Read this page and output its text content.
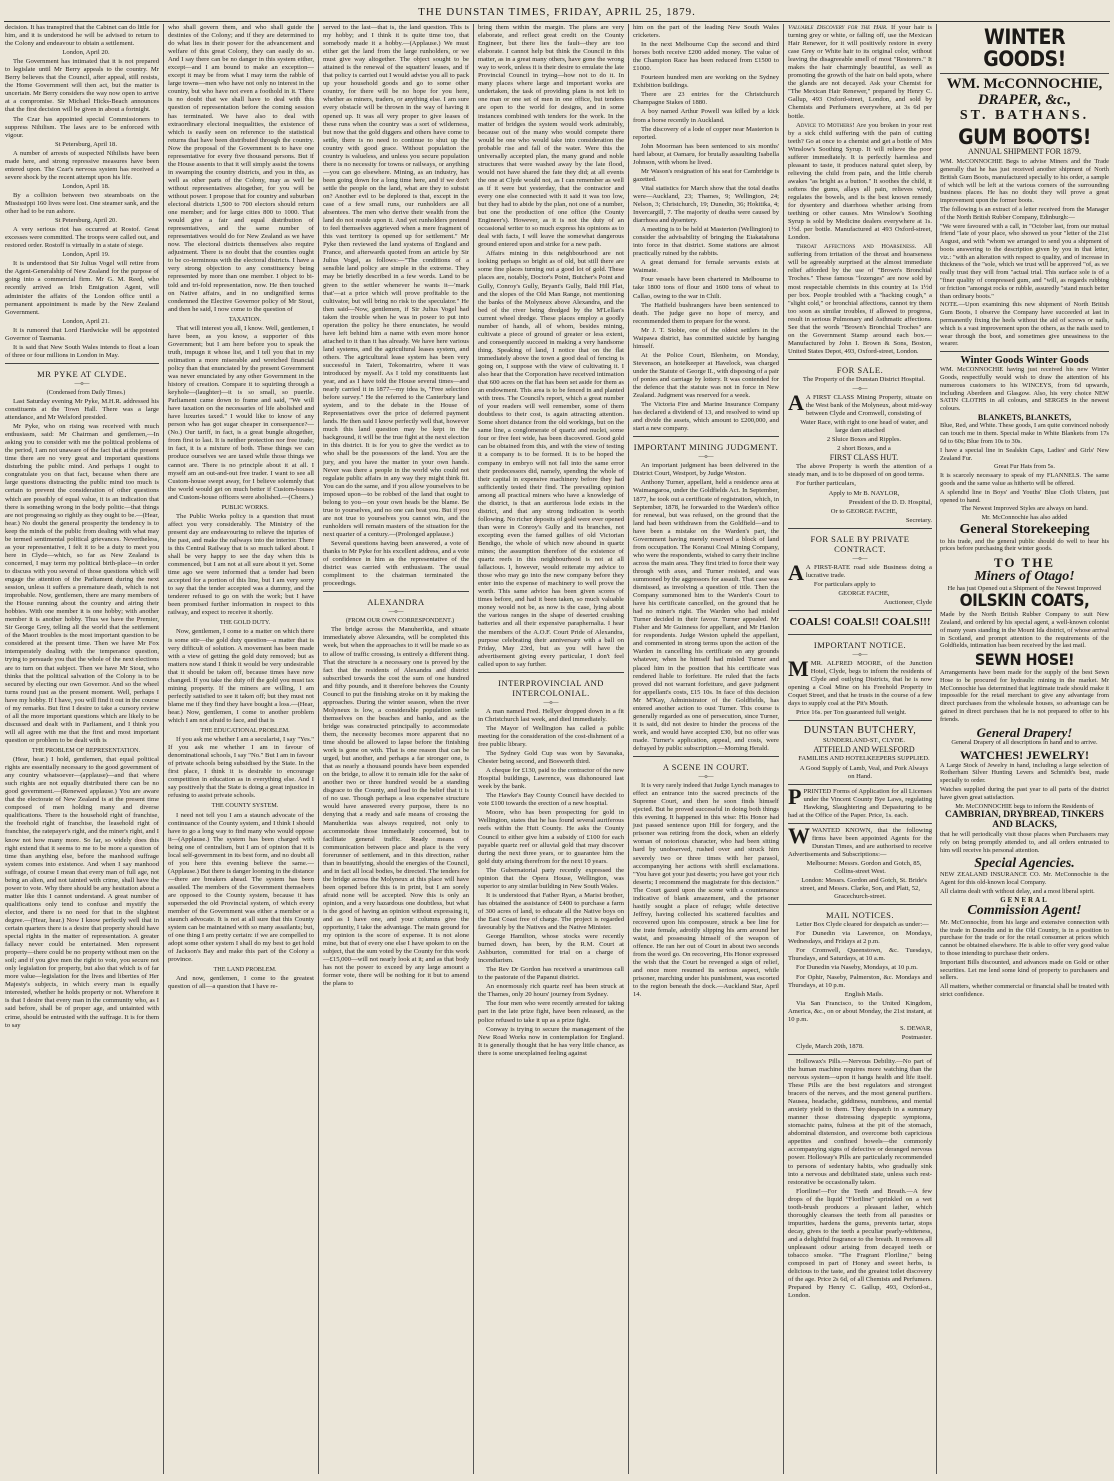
THE DUNSTAN TIMES, FRIDAY, APRIL 25, 1879.

decision. It has transpired that the Cabinet can do little for him, and it is understood he will be advised to return to the Colony and endeavour to obtain a settlement.

London, April 20.

The Government has intimated that it is not prepared to legislate until Mr Berry appeals to the country. Mr Berry believes that the Council, after appeal, still resists, the Home Government will then act, but the matter is uncertain. Mr Berry considers the way now open to arrive at a compromise. Sir Michael Hicks-Beach announces that the first decision will be given in about a fortnight.

The Czar has appointed special Commissioners to suppress Nihilism. The laws are to be enforced with vigour.

St Petersburg, April 18.

A number of arrests of suspected Nihilists have been made here, and strong repressive measures have been entered upon. The Czar's nervous system has received a severe shock by the recent attempt upon his life.

London, April 18.

By a collision between two steamboats on the Mississippi 160 lives were lost. One steamer sank, and the other had to be run ashore.

St Petersburg, April 20.

A very serious riot has occurred at Rostof. Great excesses were committed. The troops were called out, and restored order. Rostoff is virtually in a state of siege.

London, April 19.

It is understood that Sir Julius Vogel will retire from the Agent-Generalship of New Zealand for the purpose of going into a commercial firm. Mr G. M. Reed, who recently arrived as Irish Emigration Agent, will administer the affairs of the London office until a permanent appointment is made by the New Zealand Government.

London, April 21.

It is rumored that Lord Hardwicke will be appointed Governor of Tasmania.

It is said that New South Wales intends to float a loan of three or four millions in London in May.

MR PYKE AT CLYDE.
—o—

(Condensed from Daily Times.)

Last Saturday evening Mr Pyke, M.H.R. addressed his constituents at the Town Hall. There was a large attendance, and Mr Welsford presided.

Mr Pyke, who on rising was received with much enthusiasm, said: Mr Chairman and gentlemen,—In asking you to consider with me the political problems of the period, I am not unaware of the fact that at the present time there are no very great and important questions disturbing the public mind. And perhaps I ought to congratulate you on that fact, because when there are large questions distracting the public mind too much is certain to prevent the consideration of other questions which are possibly of equal value, it is an indication that there is something wrong in the body politic—that things are not progressing so rightly as they ought to be.—(Hear, hear.) No doubt the general prosperity the tendency is to keep the minds of the public from dealing with what may be termed sentimental political grievances. Nevertheless, as your representative, I felt it to be a duty to meet you here in Clyde—which, so far as New Zealand is concerned, I may term my political birth-place—in order to discuss with you several of those questions which will engage the attention of the Parliament during the next session, unless it suffers a premature death, which is not improbable. Now, gentlemen, there are many members of the House running about the country and airing their hobbies. With one member it is one hobby; with another member it is another hobby. Thus we have the Premier, Sir George Grey, telling all the world that the settlement of the Maori troubles is the most important question to be considered at the present time. Then we have Mr Fox intemperately dealing with the temperance question, trying to persuade you that the whole of the next elections are to turn on that subject. Then we have Mr Stout, who thinks that the political salvation of the Colony is to be secured by electing our own Governor. And so the wheel turns round just as the present moment. Well, perhaps I have my hobby. If I have, you will find it out in the course of my remarks. But first I desire to take a cursory review of all the more important questions which are likely to be discussed and dealt with in Parliament, and I think you will all agree with me that the first and most important question or problem to be dealt with is

THE PROBLEM OF REPRESENTATION.

(Hear, hear.) I hold, gentlemen, that equal political rights are essentially necessary to the good government of any country whatsoever—(applause)—and that where such rights are not equally distributed there can be no good government.—(Renewed applause.) You are aware that the electorate of New Zealand is at the present time composed of men holding many and diverse qualifications. There is the household right of franchise, the freehold right of franchise, the leasehold right of franchise, the ratepayer's right, and the miner's right, and I know not how many more. So far, so widely does this right extend that it seems to me to be more a question of time than anything else, before the manhood suffrage system comes into existence. And when I say manhood suffrage, of course I mean that every man of full age, not being an alien, and not tainted with crime, shall have the power to vote. Why there should be any hesitation about a matter like this I cannot understand. A great number of qualifications only tend to confuse and mystify the elector, and there is no need for that in the slightest degree.—(Hear, hear.) Now I know perfectly well that in certain quarters there is a desire that property should have special rights in the matter of representation. A greater fallacy never could be entertained. Men represent property—there could be no property without men on the soil; and if you give men the right to vote, you secure not only legislation for property, but also that which is of far more value—legislation for the lives and liberties of Her Majesty's subjects, in which every man is equally interested, whether he holds property or not. Wherefore it is that I desire that every man in the community who, as I said before, shall be of proper age, and untainted with crime, should be entrusted with the suffrage. It is for them to say

who shall govern them, and who shall guide the destinies of the Colony; and if they are determined to do what lies in their power for the advancement and welfare of this great Colony, they can easily do so. And I say there can be no danger in this system either, except—and I am bound to make an exception—except it may be from what I may term the rabble of large towns—men who have not only no interest in the country, but who have not even a foothold in it. There is no doubt that we shall have to deal with this question of representation before the coming session has terminated. We have also to deal with extraordinary electoral inequalities, the existence of which is easily seen on reference to the statistical returns that have been distributed through the country. Now the proposal of the Government is to have one representative for every five thousand persons. But if the House assents to that it will simply assist the towns in swamping the country districts, and you in this, as well as other parts of the Colony, may as well be without representatives altogether, for you will be without power. I propose that for country and suburban electoral districts 1,500 to 700 electors should return one member; and for large cities 800 to 1000. That would give a fair and equal distribution of representatives, and the same number of representatives would do for New Zealand as we have now. The electoral districts themselves also require adjustment. There is no doubt that the counties ought to be co-terminous with the electoral districts. I have a very strong objection to any constituency being represented by more than one member. I object to bi-told and tri-fold representation, now. He then touched on Native affairs, and in no undignified terms condemned the Elective Governor policy of Mr Stout, and then he said, I now come to the question of

TAXATION.

That will interest you all, I know. Well, gentlemen, I have been, as you know, a supporter of this Government; but I am here before you to speak the truth, impugn it whose list, and I tell you that in my estimation a more miserable and wretched financial policy than that enunciated by the present Government was never enunciated by any other Government in the history of creation. Compare it to squirting through a keyhole—(laughter)—it is so small, so puerile. Parliament came down to frame and said, "We will have taxation on the necessaries of life abolished and have luxuries taxed." I would like to know of any person who has got sugar cheaper in consequence?—(No.) Our tariff, in fact, is a great bungle altogether, from first to last. It is neither protection nor free trade; in fact, it is a mixture of both. These things we can produce ourselves we are taxed while those things we cannot are. There is no principle about it at all. I myself am an out-and-out free trader. I want to see all Custom-house swept away, for I believe solemnly that the world would get on much better if Custom-houses and Custom-house officers were abolished.—(Cheers.)

PUBLIC WORKS.

The Public Works policy is a question that must affect you very considerably. The Ministry of the present day are endeavouring to relieve the injuries of the past, and make the railways into the interior. There is this Central Railway that is so much talked about. I shall be very happy to see the day when this is commenced, but I am not at all sure about it yet. Some time ago we were informed that a tender had been accepted for a portion of this line, but I am very sorry to say that the tender accepted was a dummy, and the tenderer refused to go on with the work; but I have been promised further information in respect to this railway, and expect to receive it shortly.

THE GOLD DUTY.

Now, gentlemen, I come to a matter on which there is some stir—the gold duty question—a matter that is very difficult of solution. A movement has been made with a view of getting the gold duty removed; but as matters now stand I think it would be very undesirable that it should be taken off, because times have now changed. If you take the duty off the gold you must tax mining property. If the miners are willing, I am perfectly satisfied to see it taken off; but they must not blame me if they find they have bought a loss.—(Hear, hear.) Now, gentlemen, I come to another problem which I am not afraid to face, and that is

THE EDUCATIONAL PROBLEM.

If you ask me whether I am a secularist, I say "Yes." If you ask me whether I am in favour of denominational schools, I say "No." But I am in favour of private schools being subsidised by the State. In the first place, I think it is desirable to encourage competition in education as in everything else. And I say positively that the State is doing a great injustice in refusing to assist private schools.

THE COUNTY SYSTEM.

I need not tell you I am a staunch advocate of the continuance of the County system, and I think I should have to go a long way to find many who would oppose it—(Applause.) The system has been charged with being one of centralism, but I am of opinion that it is local self-government in its best form, and no doubt all of you here this evening believe the same.—(Applause.) But there is danger looming in the distance—there are breakers ahead. The system has been assailed. The members of the Government themselves are opposed to the County system, because it has superseded the old Provincial system, of which every member of the Government was either a member or a staunch advocate. It is not at all sure that this County system can be maintained with so many assailants; but, of one thing I am pretty certain: if we are compelled to adopt some other system I shall do my best to get hold of Jackson's Bay and make this part of the Colony a province.

THE LAND PROBLEM.

And now, gentlemen, I come to the greatest question of all—a question that I have re-

served to the last—that is, the land question. This is my hobby; and I think it is quite time too, that somebody made it a hobby.—(Applause.) We must either get the land from the large runholders, or we must give way altogether. The object sought to be attained is the renewal of the squatters' leases, and if that policy is carried out I would advise you all to pack up your household goods and go to some other country, for there will be no hope for you here, whether as miners, traders, or anything else. I am sure every obstacle will be thrown in the way of having it opened up. It was all very proper to give leases of these runs when the country was a sort of wilderness, but now that the gold diggers and others have come to settle, there is no need to continue to shut up the country with good grace. Without population the country is valueless, and unless you secure population there is no necessity for towns or railways, or anything—you can go elsewhere. Mining, as an industry, has been going down for a long time here, and if we don't settle the people on the land, what are they to subsist on? Another evil to be deplored is that, except in the case of a few small runs, our runholders are all absentees. The men who derive their wealth from the land do not reside upon it. And yet runholders pretend to feel themselves aggrieved when a mere fragment of this vast territory is opened up for settlement." Mr Pyke then reviewed the land systems of England and France, and afterwards quoted from an article by Sir Julius Vogel, as follows:—"The conditions of a sensible land policy are simple in the extreme. They may be briefly described in a few words. Land to be given to the settler whenever he wants it—'mark that'—at a price which will prove profitable to the cultivator, but will bring no risk to the speculator." He then said—Now, gentlemen, if Sir Julius Vogel had taken the trouble when he was in power to put into operation the policy he there enunciates, he would have left behind him a name with even more honor attached to it than it has already. We have here various land systems, and the agricultural leases system, and others. The agricultural lease system has been very successful in Taieri, Tokomairiro, where it was introduced by myself. As I told my constituents last year, and as I have told the House several times—and nearly carried it in 1877—my idea is, "Free selection before survey." He the referred to the Canterbury land system, and to the debate in the House of Representatives over the price of deferred payment lands. He then said I know perfectly well that, however much this land question may be kept in the background, it will be the true fight at the next election in this district. It is for you to give the verdict as to who shall be the possessors of the land. You are the jury, and you have the matter in your own hands. Never was there a people in the world who could not regulate public affairs in any way they might think fit. You can do the same, and if you allow yourselves to be imposed upon—to be robbed of the land that ought to belong to you—on your own heads be the blame. Be true to yourselves, and no one can beat you. But if you are not true to yourselves you cannot win, and the runholders will remain masters of the situation for the next quarter of a century.—(Prolonged applause.)

Several questions having been answered, a vote of thanks to Mr Pyke for his excellent address, and a vote of confidence in him as the representative of the district was carried with enthusiasm. The usual compliment to the chairman terminated the proceedings.

ALEXANDRA
—o—

(FROM OUR OWN CORRESPONDENT.)

The bridge across the Manuherikia, and situate immediately above Alexandra, will be completed this week, but when the approaches to it will be made so as to allow of traffic crossing, is entirely a different thing. That the structure is a necessary one is proved by the fact that the residents of Alexandra and district subscribed towards the cost the sum of one hundred and fifty pounds, and it therefore behoves the County Council to put the finishing stroke on it by making the approaches. During the winter season, when the river Molyneux is low, a considerable population settle themselves on the beaches and banks, and as the bridge was constructed principally to accommodate them, the necessity becomes more apparent that no time should be allowed to lapse before the finishing work is gone on with. That is one reason that can be urged, but another, and perhaps a far stronger one, is that as nearly a thousand pounds have been expended on the bridge, to allow it to remain idle for the sake of another two or three hundred would be a standing disgrace to the County, and lead to the belief that it is of no use. Though perhaps a less expensive structure would have answered every purpose, there is no denying that a ready and safe means of crossing the Manuherikia was always required, not only to accommodate those immediately concerned, but to facilitate general traffic. Ready means of communication between place and place is the very forerunner of settlement, and in this direction, rather than in beautifying, should the energies of the Council, and in fact all local bodies, be directed. The tenders for the bridge across the Molyneux at this place will have been opened before this is in print, but I am sorely afraid none will be accepted. Now this is only an opinion, and a very hazardous one doubtless, but what is the good of having an opinion without expressing it, and as I have one, and your columns give the opportunity, I take the advantage. The main ground for my opinion is the score of expense. It is not alone mine, but that of every one else I have spoken to on the subject, that the sum voted by the County for this work—£15,000—will not nearly look at it; and as that body has not the power to exceed by any large amount a former vote, there will be nothing for it but to amend the plans to

bring them within the margin. The plans are very elaborate, and reflect great credit on the County Engineer, but there lies the fault—they are too elaborate. I cannot help but think the Council in this matter, as in a great many others, have gone the wrong way to work, unless it is their desire to emulate the late Provincial Council in trying—how not to do it. In many places where large and important works are undertaken, the task of providing plans is not left to one man or one set of men in one office, but tenders are open to the world for designs, and in some instances combined with tenders for the work. In the matter of bridges the system would work admirably, because out of the many who would compete there would be one who would take into consideration the probable rise and fall of the water. Were this the universally accepted plan, the many grand and noble structures that were washed away by the late flood, would not have shared the fate they did; at all events the one at Clyde would not, as I can remember as well as if it were but yesterday, that the contractor and every one else connected with it said it was too low, but they had to abide by the plan, not one of a number, but one the production of one office (the County Engineer's). However, as it is not the duty of an occasional writer to so much express his opinions as to deal with facts, I will leave the somewhat dangerous ground entered upon and strike for a new path.

Affairs mining in this neighbourhood are not looking perhaps so bright as of old, but still there are some fine places turning out a good lot of gold. These places are, notably, Doctor's Point, Butcher's Point and Gully, Conroy's Gully, Bryant's Gully, Bald Hill Flat, and the slopes of the Old Man Range, not mentioning the banks of the Molyneux above Alexandra, and the bed of the river being dredged by the M'Lellan's current wheel dredge. These places employ a goodly number of hands, all of whom, besides mining, cultivate a piece of ground of greater or less extent, and consequently succeed in making a very handsome thing. Speaking of land, I notice that on the flat immediately above the town a good deal of fencing is going on, I suppose with the view of cultivating it. I also hear that the Corporation have received intimation that 600 acres on the flat has been set aside for them as an endowment. This area is to be fenced in and planted with trees. The Council's report, which a great number of your readers will well remember, some of them doubtless to their cost, is again attracting attention. Some short distance from the old workings, but on the same line, a conglomerate of quartz and nuclei, some four or five feet wide, has been discovered. Good gold can be obtained from this, and with the view of testing it a company is to be formed. It is to be hoped the company in embryo will not fall into the same error their predecessors did, namely, spending the whole of their capital in expensive machinery before they had sufficiently tested their find. The prevailing opinion among all practical miners who have a knowledge of the district, is that an auriferous lode exists in the district, and that any strong indication is worth following. No richer deposits of gold were ever opened than were in Conroy's Gully and its branches, not excepting even the famed gullies of old Victorian Bendigo, the whole of which now abound in quartz mines; the assumption therefore of the existence of quartz reefs in this neighbourhood is not at all fallacious. I, however, would reiterate my advice to those who may go into the new company before they enter into the expense of machinery to well prove the worth. This same advice has been given scores of times before, and had it been taken, so much valuable money would not be, as now is the case, lying about the various ranges in the shape of deserted crushing batteries and all their expensive paraphernalia. I hear the members of the A.O.F. Court Pride of Alexandra, purpose celebrating their anniversary with a ball on Friday, May 23rd, but as you will have the advertisement giving every particular, I don't feel called upon to say further.

INTERPROVINCIAL AND INTERCOLONIAL.
—o—

A man named Fred. Hellyer dropped down in a fit in Christchurch last week, and died immediately.

The Mayor of Wellington has called a public meeting for the consideration of the cost-dishment of a free public library.

The Sydney Gold Cup was won by Savanaka, Chester being second, and Bosworth third.

A cheque for £130, paid to the contractor of the new Hospital buildings, Lawrence, was dishonoured last week by the bank.

The Hawke's Bay County Council have decided to vote £100 towards the erection of a new hospital.

Moore, who has been prospecting for gold in Wellington, states that he has found several auriferous reefs within the Hutt County. He asks the County Council to either give him a subsidy of £100 for each payable quartz reef or alluvial gold that may discover during the next three years, or to guarantee him the gold duty arising therefrom for the next 10 years.

The Gubernatorial party recently expressed the opinion that the Opera House, Wellington, was superior to any similar building in New South Wales.

It is understood that Father Ryan, a Marist brother, has obtained the assistance of £400 to purchase a farm of 300 acres of land, to educate all the Native boys on the East Coast free of charge. The project is regarded favourably by the Natives and the Native Minister.

George Hamilton, whose stocks were recently burned down, has been, by the R.M. Court at Ashburton, committed for trial on a charge of incendiarism.

The Rev Dr Gordon has received a unanimous call to the pastorate of the Papanui district.

An enormously rich quartz reef has been struck at the Thames, only 20 hours' journey from Sydney.

The four men who were recently arrested for taking part in the late prize fight, have been released, as the police refused to take it up as a prize fight.

Conway is trying to secure the management of the New Road Works now in contemplation for England. It is generally thought that he has very little chance, as there is some unexplained feeling against

him on the part of the leading New South Wales cricketers.

In the next Melbourne Cup the second and third horses both receive £200 added money. The value of the Champion Race has been reduced from £1500 to £1000.

Fourteen hundred men are working on the Sydney Exhibition buildings.

There are 23 entries for the Christchurch Champagne Stakes of 1880.

A boy named Arthur Powell was killed by a kick from a horse recently in Auckland.

The discovery of a lode of copper near Masterton is reported.

John Moorman has been sentenced to six months' hard labour, at Oamaru, for brutally assaulting Isabella Johnson, with whom he lived.

Mr Wason's resignation of his seat for Cambridge is gazetted.

Vital statistics for March show that the total deaths were—Auckland, 23; Thames, 9; Wellington, 24; Nelson, 3; Christchurch, 19; Dunedin, 36; Hokitika, 4; Invercargill, 7. The majority of deaths were caused by diarrhoea and dysentery.

A meeting is to be held at Masterton (Wellington) to consider the advisability of bringing the Eiakatahuna into force in that district. Some stations are almost practically ruined by the rabbits.

A great demand for female servants exists at Waimate.

Four vessels have been chartered in Melbourne to take 1800 tons of flour and 1600 tons of wheat to Callao, owing to the war in Chili.

The Hatfield bushrangers have been sentenced to death. The judge gave no hope of mercy, and recommended them to prepare for the worst.

Mr J. T. Stobie, one of the oldest settlers in the Waipawa district, has committed suicide by hanging himself.

At the Police Court, Blenheim, on Monday, Stevenson, an hotelkeeper at Havelock, was charged under the Statute of George II., with disposing of a pair of ponies and carriage by lottery. It was contended for the defence that the statute was not in force in New Zealand. Judgment was reserved for a week.

The Victoria Fire and Marine Insurance Company has declared a dividend of 13, and resolved to wind up and divide the assets, which amount to £200,000, and start a new company.

IMPORTANT MINING JUDGMENT.
—o—

An important judgment has been delivered in the District Court, Westport, by Judge Weston.

Anthony Turner, appellant, held a residence area at Waimangaroa, under the Goldfields Act. In September, 1877, he took out a certificate of registration, which, in September, 1878, he forwarded to the Warden's office for renewal, but was refused, on the ground that the land had been withdrawn from the Goldfield—and to have been a mistake on the Warden's part, the Government having merely reserved a block of land from occupation. The Koranui Coal Mining Company, who were the respondents, wished to carry their incline across the main area. They first tried to force their way through with axes, and Turner resisted, and was summoned by the aggressors for assault. That case was dismissed, as involving a question of title. Then the Company summoned him to the Warden's Court to have his certificate cancelled, on the ground that he had no miner's right. The Warden who had misled Turner decided in their favour. Turner appealed. Mr Fisher and Mr Guinness for appellant, and Mr Hanlon for respondents. Judge Weston upheld the appellant, and commented in strong terms upon the action of the Warden in cancelling his certificate on any grounds whatever, when he himself had misled Turner and placed him in the position that his certificate was rendered liable to forfeiture. He ruled that the facts proved did not warrant forfeiture, and gave judgment for appellant's costs, £15 10s. In face of this decision Mr M'Kay, Administrator of the Goldfields, has entered another action to oust Turner. This course is generally regarded as one of persecution, since Turner, it is said, did not desire to hinder the process of the work, and would have accepted £30, but no offer was made. Turner's application, appeal, and costs, were defrayed by public subscription.—Morning Herald.

A SCENE IN COURT.
—o—

It is very rarely indeed that Judge Lynch manages to effect an entrance into the sacred precincts of the Supreme Court, and then he soon finds himself ejected. But he proved successful in doing both things this evening. It happened in this wise: His Honor had just passed sentence upon Hill for forgery, and the prisoner was retiring from the dock, when an elderly woman of notorious character, who had been sitting hard by unobserved, rushed over and struck him severely two or three times with her parasol, accompanying her actions with shrill exclamations. "You have got your just deserts; you have got your rich deserts; I recommend the magistrate for this decision." The Court gazed upon the scene with a countenance indicative of blank amazement, and the prisoner hastily sought a place of refuge; while detective Jeffrey, having collected his scattered faculties and recovered upon his composure, struck a bee line for the irate female, adroitly slipping his arm around her waist, and possessing himself of the weapon of offence. He ran her out of Court in about two seconds from the word go. On recovering, His Honor expressed the wish that the Court be revenged a sign of relief, and once more resumed its serious aspect, while prisoner, marching under his punishment, was escorted to the region beneath the dock.—Auckland Star, April 14.

Valuable Discovery for the Hair. If your hair is turning grey or white, or falling off, use the Mexican Hair Renewer, for it will positively restore in every case Grey or White hair to its original color, without leaving the disagreeable smell of most "Restorers." It makes the hair charmingly beautiful, as well as promoting the growth of the hair on bald spots, where the glands are not decayed. Ask your Chemist for "The Mexican Hair Renewer," prepared by Henry C. Gallup, 493 Oxford-street, London, and sold by Chemists and Perfumers everywhere, at 3s 6d per bottle.

Advice to Mothers! Are you broken in your rest by a sick child suffering with the pain of cutting teeth? Go at once to a chemist and get a bottle of Mrs Winslow's Soothing Syrup. It will relieve the poor sufferer immediately. It is perfectly harmless and pleasant to taste, it produces natural quiet sleep, by relieving the child from pain, and the little cherub awakes "as bright as a button." It soothes the child, it softens the gums, allays all pain, relieves wind, regulates the bowels, and is the best known remedy for dysentery and diarrhoea whether arising from teething or other causes. Mrs Winslow's Soothing Syrup is sold by Medicine dealers everywhere at 1s. 1½d. per bottle. Manufactured at 493 Oxford-street, London.

Throat Affections and Hoarseness. All suffering from irritation of the throat and hoarseness will be agreeably surprised at the almost immediate relief afforded by the use of "Brown's Bronchial Troches." These famous "lozenges" are now sold by most respectable chemists in this country at 1s 1½d per box. People troubled with a "hacking cough," a "slight cold," or bronchial affections, cannot try them too soon as similar troubles, if allowed to progress, result in serious Pulmonary and Asthmatic affections. See that the words "Brown's Bronchial Troches" are on the Government Stamp around each box.—Manufactured by John I. Brown & Sons, Boston, United States Depot, 493, Oxford-street, London.

FOR SALE.

The Property of the Dunstan District Hospital.

—o—

A A FIRST CLASS Mining Property, situate on the West bank of the Molyneux, about mid-way between Clyde and Cromwell, consisting of

Water Race, with right to one head of water, and large dam attached

2 Sluice Boxes and Ripples.

2 short Boxes, and a

FIRST CLASS HUT.

The above Property is worth the attention of a steady man, and is to be disposed of on good terms.

For further particulars,

Apply to Mr B. NAYLOR,

President of the D. D. Hospital,

Or to GEORGE FACHE,

Secretary.

FOR SALE BY PRIVATE CONTRACT.
—o—

A A FIRST-RATE road side Business doing a lucrative trade.

For particulars apply to

GEORGE FACHE,

Auctioneer, Clyde

COALS! COALS!! COALS!!!
IMPORTANT NOTICE.
—o—

MMR. ALFRED MOORE, of the Junction Hotel, Clyde, begs to inform the residents of Clyde and outlying Districts, that he is now opening a Coal Mine on his Freehold Property in Coquet Street, and that he trusts in the course of a few days to supply coal at the Pit's Mouth.

Price 16s. per Ton guaranteed full weight.

DUNSTAN BUTCHERY,

SUNDERLAND-ST., CLYDE.

ATTFIELD AND WELSFORD

FAMILIES AND HOTELKEEPERS SUPPLIED.

A Good Supply of Lamb, Veal, and Pork Always on Hand.

PPRINTED Forms of Application for all Licenses under the Vincent County Bye Laws, regulating Hawking, Slaughtering and Depasturing to be had at the Office of the Paper. Price, 1s. each.

WWANTED KNOWN, that the following firms have been appointed Agents for the Dunstan Times, and are authorised to receive Advertisements and Subscriptions:—

Melbourne: Messrs. Gordon and Gotch, 85, Collins-street West.

London: Messrs. Gordon and Gotch, St. Bride's street, and Messrs. Clarke, Son, and Platt, 52, Gracechurch-street.

MAIL NOTICES.

Letter Box Clyde cleared for despatch as under:—

For Dunedin via Lawrence, on Mondays, Wednesdays, and Fridays at 2 p.m.

For Cromwell, Queenstown, &c. Tuesdays, Thursdays, and Saturdays, at 10 a.m.

For Dunedin via Naseby, Mondays, at 10 p.m.

For Ophir, Naseby, Palmerston, &c. Mondays and Thursdays, at 10 p.m.

English Mails.

Via San Francisco, to the United Kingdom, America, &c., on or about Monday, the 21st instant, at 10 p.m.

S. DEWAR,

Postmaster.

Clyde, March 20th, 1878.

Hollowax's Pills.—Nervous Debility.—No part of the human machine requires more watching than the nervous system—upon it hangs health and life itself. These Pills are the best regulators and strongest bracers of the nerves, and the most general purifiers. Nausea, headache, giddiness, numbness, and mental anxiety yield to them. They despatch in a summary manner those distressing dyspeptic symptoms, stomachic pains, fulness at the pit of the stomach, abdominal distension, and overcome both capricious appetites and confined bowels—the commonly accompanying signs of defective or deranged nervous power. Holloway's Pills are particularly recommended to persons of sedentary habits, who gradually sink into a nervous and debilitated state, unless such rest-restorative be occasionally taken.

Floriline!—For the Teeth and Breath.—A few drops of the liquid "Floriline" sprinkled on a wet tooth-brush produces a pleasant lather, which thoroughly cleanses the teeth from all parasites or impurities, hardens the gums, prevents tartar, stops decay, gives to the teeth a peculiar pearly-whiteness, and a delightful fragrance to the breath. It removes all unpleasant odour arising from decayed teeth or tobacco smoke. "The Fragrant Floriline," being composed in part of Honey and sweet herbs, is delicious to the taste, and the greatest toilet discovery of the age. Price 2s 6d, of all Chemists and Perfumers. Prepared by Henry C. Gallup, 493, Oxford-st., London.

WINTER GOODS!
WM. McCONNOCHIE,
DRAPER, &c.,
ST. BATHANS.
GUM BOOTS!
ANNUAL SHIPMENT FOR 1879.

WM. McCONNOCHIE Begs to advise Miners and the Trade generally that he has just received another shipment of North British Gum Boots, manufactured specially to his order, a sample of which will be left at the various corners of the surrounding business places. He has no doubt they will prove a great improvement upon the former boots.

The following is an extract of a letter received from the Manager of the North British Rubber Company, Edinburgh:—

"We were favoured with a call, in "October last, from our mutual friend "late of your place, who showed us your "letter of the 21st August, and with "whom we arranged to send you a shipment of boots answering to the description given by you in that letter, viz.: "with an alteration with respect to quality, and of increase in thickness of the "sole, which we trust will be approved "of, as we really trust they will from "actual trial. This surface sole is of a "finer quality of compressed gum, and "will, as regards rubbing or friction "amongst rocks or rubble, assuredly "stand much better than ordinary boots."

NOTE.—Upon examining this new shipment of North British Gum Boots, I observe the Company have succeeded at last in permanently fixing the heels without the aid of screws or nails, which is a vast improvement upon the others, as the nails used to wear through the boot, and sometimes give uneasiness to the wearer.

Winter Goods Winter Goods

WM. McCONNOCHIE having just received his new Winter Goods, respectfully would wish to draw the attention of his numerous customers to his WINCEYS, from 6d upwards, including Aberdeen and Glasgow. Also, his very choice NEW SATIN CLOTHS in all colours, and SERGES in the newest colours.

BLANKETS, BLANKETS,

Blue, Red, and White. These goods, I am quite convinced nobody can touch me in them. Special make in White Blankets from 17s 6d to 60s; Blue from 10s to 30s.

I have a special line in Sealskin Caps, Ladies' and Girls' New Zealand Fur.

Great Fur Hats from 5s.

It is scarcely necessary to speak of my FLANNELS. The same goods and the same value as hitherto will be offered.

A splendid line in Boys' and Youths' Blue Cloth Ulsters, just opened to hand.

The Newest Improved Styles are always on hand.

Mr. McConnochie has also added

General Storekeeping

to his trade, and the general public should do well to hear his prices before purchasing their winter goods.

TO THE
Miners of Otago!

He has just Opened out a Shipment of the Newest Improved

OILSKIN COATS,

Made by the North British Rubber Company to suit New Zealand, and ordered by his special agent, a well-known colonist of many years standing in the Mount Ida district, of whose arrival in Scotland, and prompt attention to the requirements of the Goldfields, intimation has been received by the last mail.

SEWN HOSE!

Arrangements have been made for the supply of the best Sewn Hose to be procured for hydraulic mining in the market. Mr McConnochie has determined that legitimate trade should make it impossible for the retail merchant to give any advantage from direct purchases from the wholesale houses, so advantage can be gained in direct purchases that he is not prepared to offer to his friends.

General Drapery!

General Drapery of all descriptions in hand and to arrive.

WATCHES! JEWELRY!

A Large Stock of Jewelry in hand, including a large selection of Rotherham Silver Hunting Levers and Schmidt's best, made specially to order.

Watches supplied during the past year to all parts of the district have given great satisfaction.

Mr. McCONNOCHIE begs to inform the Residents of

CAMBRIAN, DRYBREAD, TINKERS AND BLACKS,

that he will periodically visit those places when Purchasers may rely on being promptly attended to, and all orders entrusted to him will receive his personal attention.

Special Agencies.

NEW ZEALAND INSURANCE CO. Mr. McConnochie is the Agent for this old-known local Company.

All claims dealt with without delay, and a most liberal spirit.

GENERAL
Commission Agent!

Mr. McConnochie, from his large and extensive connection with the trade in Dunedin and in the Old Country, is in a position to purchase for the trade or for the retail consumer at prices which cannot be obtained elsewhere. He is able to offer very good value to those intending to purchase their orders.

Important Bills discounted, and advances made on Gold or other securities. Let me lend some kind of property to purchasers and sellers.

All matters, whether commercial or financial shall be treated with strict confidence.
